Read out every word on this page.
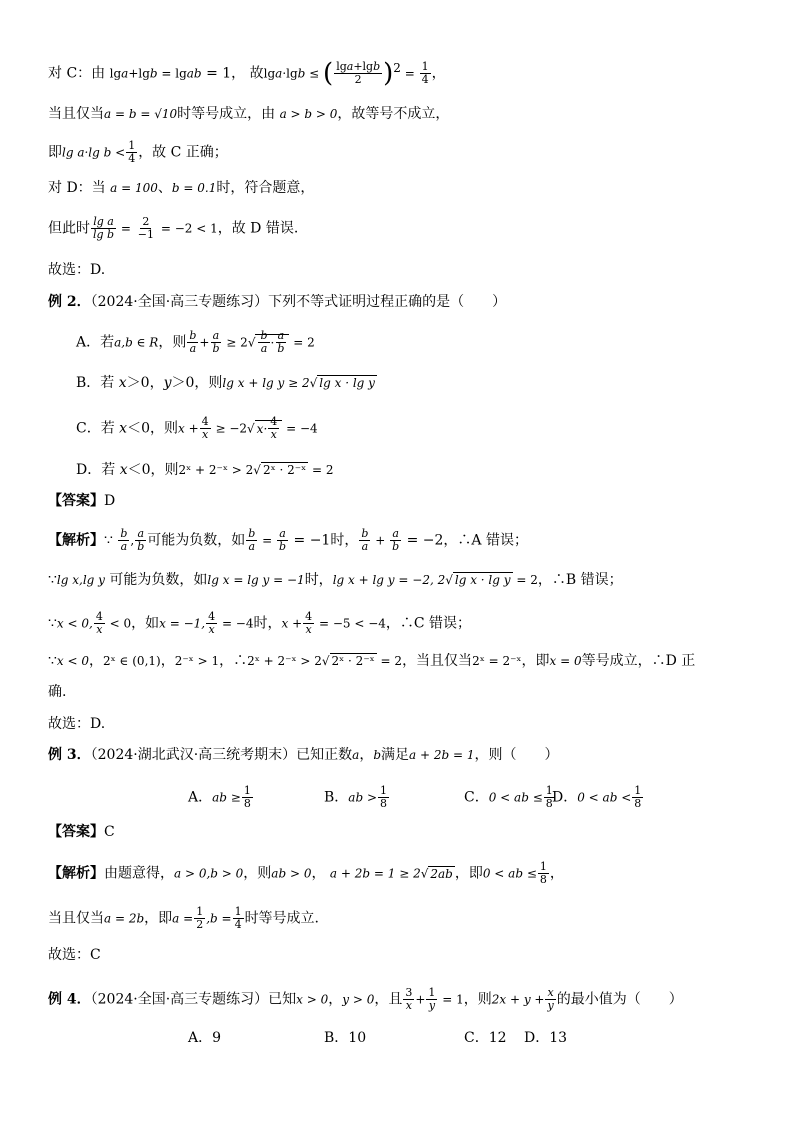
对 C：由 lga+lgb = lgab = 1， 故lga·lgb ≤ ( $\frac{\lg a+\lg b}{2} )^2 = \frac{1}{4}$ ，
当且仅当a = b = √10时等号成立，由 a > b > 0，故等号不成立，
即lg a·lg $b < \frac{1}{4}$ ，故 C 正确；
对 D：当 a = 100、b = 0.1时，符合题意，
但此时 $\frac{\text{lg a}}{\text{lg b}} = \frac{2}{-1} = -2 < 1$，故 D 错误.
故选：D.
例 2．（2024·全国·高三专题练习）下列不等式证明过程正确的是（　　）
A．若a,b ∈ R，则 $\frac{b}{a} + \frac{a}{b} \ge 2√ \frac{b}{a} \cdot \frac{a}{b} = 2$
B．若 x＞0，y＞0，则lg x + lg y ≥ 2√ lg x · lg y
C．若 x＜0，则$x + \frac{4}{x} \ge -2√$ $x\cdot \frac{4}{x} = -4$
D．若 x＜0，则2ˣ + 2⁻ˣ > 2√ 2ˣ · 2⁻ˣ = 2
【答案】D
【解析】∵ $\frac{b}{a}$ , $\frac{a}{b}$ 可能为负数，如 $\frac{b}{a} = \frac{a}{b} = -1$时， $\frac{b}{a} + \frac{a}{b} = -2$，∴A 错误；
∵lg x,lg y 可能为负数，如lg x = lg y = −1时，lg x + lg y = −2, 2√ lg x · lg y = 2，∴B 错误；
∵x < 0, $\frac{4}{x} < 0$，如x = −1, $\frac{4}{x} = -4$时，$x + \frac{4}{x} = -5 < -4$，∴C 错误；
∵x < 0，2ˣ ∈ (0,1)，2⁻ˣ > 1，∴2ˣ + 2⁻ˣ > 2√ 2ˣ · 2⁻ˣ = 2，当且仅当2ˣ = 2⁻ˣ，即x = 0等号成立，∴D 正
确.
故选：D.
例 3．（2024·湖北武汉·高三统考期末）已知正数a，b满足a + 2b = 1，则（　　）
A．ab ≥ $\frac{1}{8}$	B．ab > $\frac{1}{8}$	C．0 < ab ≤ $\frac{1}{8}$
D．0 < ab < $\frac{1}{8}$
【答案】C
【解析】由题意得，a > 0,b > 0，则ab > 0， a + 2b = 1 ≥ 2√ 2ab ，即0 < ab ≤ $\frac{1}{8}$ ，
当且仅当a = 2b，即$a = \frac{1}{2} ,b = \frac{1}{4}$ 时等号成立.
故选：C
例 4．（2024·全国·高三专题练习）已知x > 0，y > 0，且 $\frac{3}{x} + \frac{1}{y} = 1$，则$2x + y + \frac{x}{y}$ 的最小值为（　　）
A．9	B．10	C．12 D．13
